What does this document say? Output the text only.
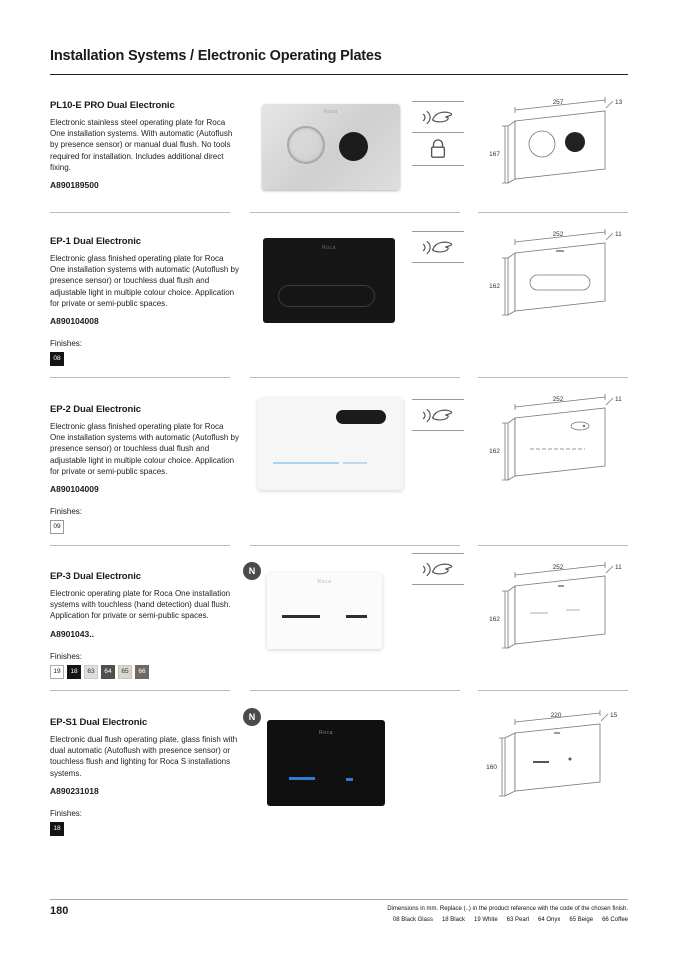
Installation Systems / Electronic Operating Plates
PL10-E PRO Dual Electronic
Electronic stainless steel operating plate for Roca One installation systems. With automatic (Autoflush by presence sensor) or manual dual flush. No tools required for installation. Includes additional direct fixing.
A890189500
Roca
257	13
167
EP-1 Dual Electronic
Electronic glass finished operating plate for Roca One installation systems with automatic (Autoflush by presence sensor) or touchless dual flush and adjustable light in multiple colour choice. Application for private or semi-public spaces.
A890104008
Finishes:
08
Roca
252	11
162
EP-2 Dual Electronic
Electronic glass finished operating plate for Roca One installation systems with automatic (Autoflush by presence sensor) or touchless dual flush and adjustable light in multiple colour choice. Application for private or semi-public spaces.
A890104009
Finishes:
09
252	11
162
EP-3 Dual Electronic
Electronic operating plate for Roca One installation systems with touchless (hand detection) dual flush. Application for private or semi-public spaces.
A8901043..
Finishes:
19	18	63	64	65	66
N
Roca
252	11
162
EP-S1 Dual Electronic
Electronic dual flush operating plate, glass finish with dual automatic (Autoflush with presence sensor) or touchless flush and lighting for Roca S installations systems.
A890231018
Finishes:
18
N
Roca
220	15
160
180	Dimensions in mm. Replace (..) in the product reference with the code of the chosen finish.
08 Black Glass 18 Black 19 White 63 Pearl 64 Onyx 65 Beige 66 Coffee
